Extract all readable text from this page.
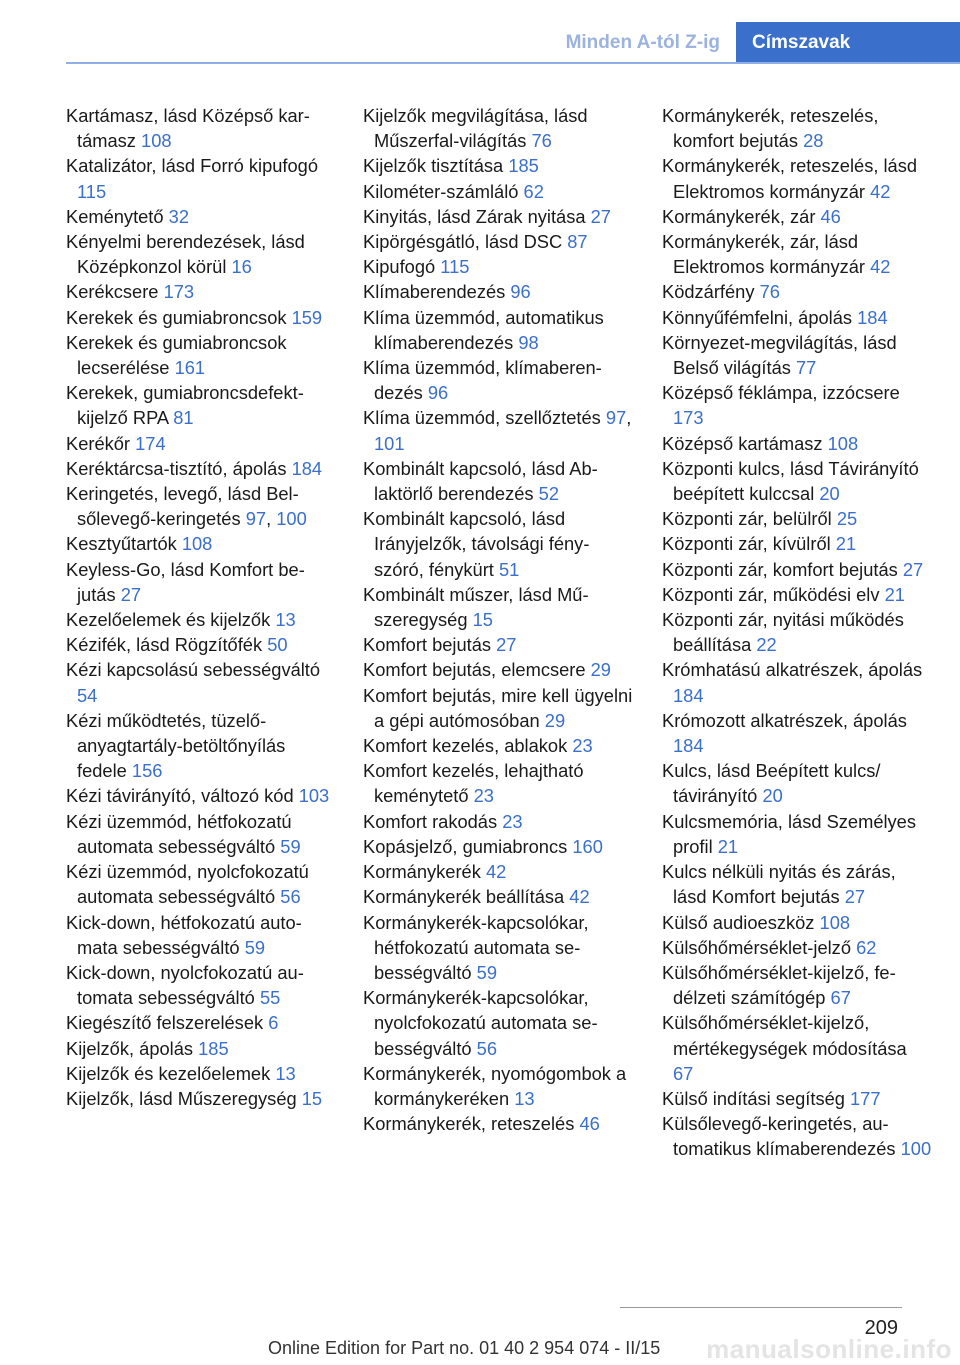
Minden A-tól Z-ig	Címszavak
Kartámasz, lásd Középső kartámasz 108
Katalizátor, lásd Forró kipufogó 115
Keménytető 32
Kényelmi berendezések, lásd Középkonzol körül 16
Kerékcsere 173
Kerekek és gumiabroncsok 159
Kerekek és gumiabroncsok lecserélése 161
Kerekek, gumiabroncsdefektkijelző RPA 81
Kerékőr 174
Keréktárcsa-tisztító, ápolás 184
Keringetés, levegő, lásd Belsőlevegő-keringetés 97, 100
Kesztyűtartók 108
Keyless-Go, lásd Komfort bejutás 27
Kezelőelemek és kijelzők 13
Kézifék, lásd Rögzítőfék 50
Kézi kapcsolású sebességváltó 54
Kézi működtetés, tüzelőanyagtartály-betöltőnyílás fedele 156
Kézi távirányító, változó kód 103
Kézi üzemmód, hétfokozatú automata sebességváltó 59
Kézi üzemmód, nyolcfokozatú automata sebességváltó 56
Kick-down, hétfokozatú automata sebességváltó 59
Kick-down, nyolcfokozatú automata sebességváltó 55
Kiegészítő felszerelések 6
Kijelzők, ápolás 185
Kijelzők és kezelőelemek 13
Kijelzők, lásd Műszeregység 15
Kijelzők megvilágítása, lásd Műszerfal-világítás 76
Kijelzők tisztítása 185
Kilométer-számláló 62
Kinyitás, lásd Zárak nyitása 27
Kipörgésgátló, lásd DSC 87
Kipufogó 115
Klímaberendezés 96
Klíma üzemmód, automatikus klímaberendezés 98
Klíma üzemmód, klímaberendezés 96
Klíma üzemmód, szellőztetés 97, 101
Kombinált kapcsoló, lásd Ablaktörlő berendezés 52
Kombinált kapcsoló, lásd Irányjelzők, távolsági fényszóró, fénykürt 51
Kombinált műszer, lásd Műszeregység 15
Komfort bejutás 27
Komfort bejutás, elemcsere 29
Komfort bejutás, mire kell ügyelni a gépi autómosóban 29
Komfort kezelés, ablakok 23
Komfort kezelés, lehajtható keménytető 23
Komfort rakodás 23
Kopásjelző, gumiabroncs 160
Kormánykerék 42
Kormánykerék beállítása 42
Kormánykerék-kapcsolókar, hétfokozatú automata sebességváltó 59
Kormánykerék-kapcsolókar, nyolcfokozatú automata sebességváltó 56
Kormánykerék, nyomógombok a kormánykeréken 13
Kormánykerék, reteszelés 46
Kormánykerék, reteszelés, komfort bejutás 28
Kormánykerék, reteszelés, lásd Elektromos kormányzár 42
Kormánykerék, zár 46
Kormánykerék, zár, lásd Elektromos kormányzár 42
Ködzárfény 76
Könnyűfémfelni, ápolás 184
Környezet-megvilágítás, lásd Belső világítás 77
Középső féklámpa, izzócsere 173
Középső kartámasz 108
Központi kulcs, lásd Távirányító beépített kulccsal 20
Központi zár, belülről 25
Központi zár, kívülről 21
Központi zár, komfort bejutás 27
Központi zár, működési elv 21
Központi zár, nyitási működés beállítása 22
Krómhatású alkatrészek, ápolás 184
Krómozott alkatrészek, ápolás 184
Kulcs, lásd Beépített kulcs/ távirányító 20
Kulcsmemória, lásd Személyes profil 21
Kulcs nélküli nyitás és zárás, lásd Komfort bejutás 27
Külső audioeszköz 108
Külsőhőmérséklet-jelző 62
Külsőhőmérséklet-kijelző, fedélzeti számítógép 67
Külsőhőmérséklet-kijelző, mértékegységek módosítása 67
Külső indítási segítség 177
Külsőlevegő-keringetés, automatikus klímaberendezés 100
209
Online Edition for Part no. 01 40 2 954 074 - II/15 manualsonline.info
